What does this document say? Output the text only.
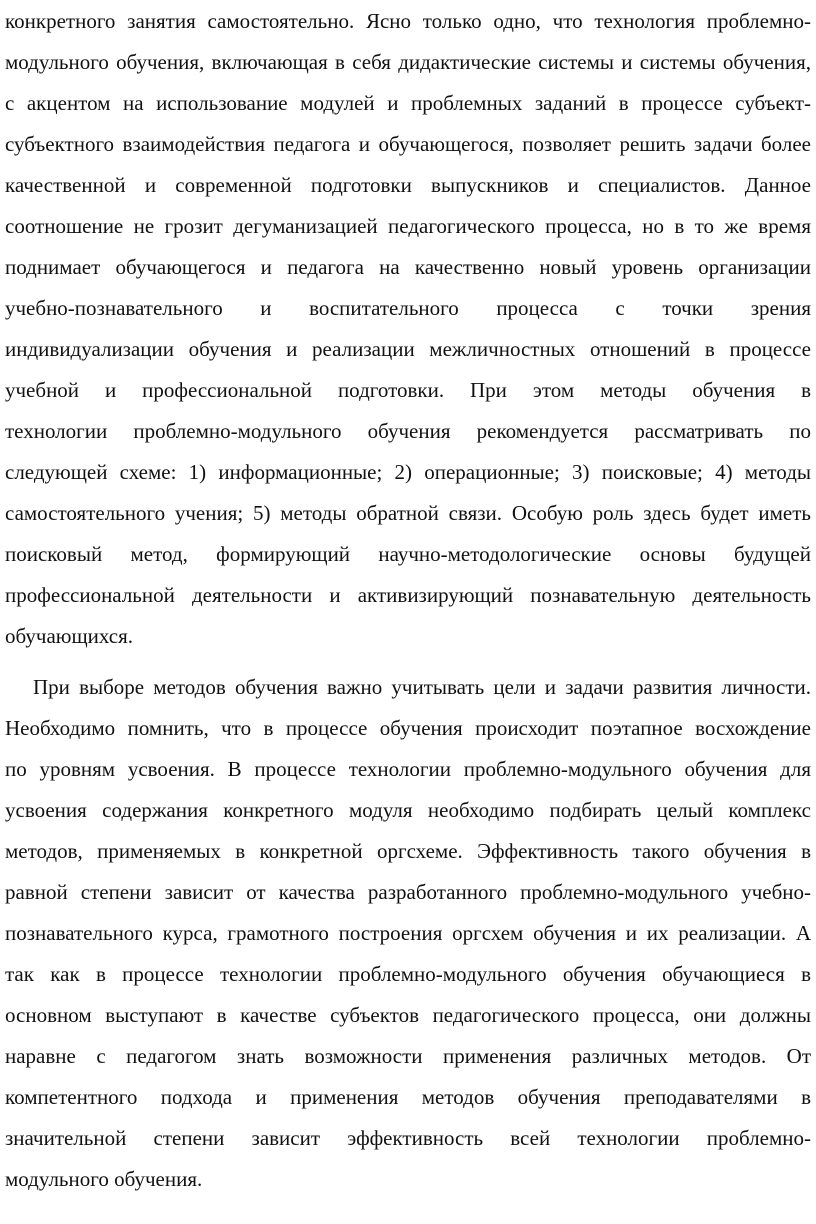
конкретного занятия самостоятельно. Ясно только одно, что технология проблемно-
модульного обучения, включающая в себя дидактические системы и системы обучения,
с акцентом на использование модулей и проблемных заданий в процессе субъект-
субъектного взаимодействия педагога и обучающегося, позволяет решить задачи более
качественной и современной подготовки выпускников и специалистов. Данное
соотношение не грозит дегуманизацией педагогического процесса, но в то же время
поднимает обучающегося и педагога на качественно новый уровень организации
учебно-познавательного и воспитательного процесса с точки зрения
индивидуализации обучения и реализации межличностных отношений в процессе
учебной и профессиональной подготовки. При этом методы обучения в
технологии проблемно-модульного обучения рекомендуется рассматривать по
следующей схеме: 1) информационные; 2) операционные; 3) поисковые; 4) методы
самостоятельного учения; 5) методы обратной связи. Особую роль здесь будет иметь
поисковый метод, формирующий научно-методологические основы будущей
профессиональной деятельности и активизирующий познавательную деятельность
обучающихся.
При выборе методов обучения важно учитывать цели и задачи развития личности.
Необходимо помнить, что в процессе обучения происходит поэтапное восхождение
по уровням усвоения. В процессе технологии проблемно-модульного обучения для
усвоения содержания конкретного модуля необходимо подбирать целый комплекс
методов, применяемых в конкретной оргсхеме. Эффективность такого обучения в
равной степени зависит от качества разработанного проблемно-модульного учебно-
познавательного курса, грамотного построения оргсхем обучения и их реализации. А
так как в процессе технологии проблемно-модульного обучения обучающиеся в
основном выступают в качестве субъектов педагогического процесса, они должны
наравне с педагогом знать возможности применения различных методов. От
компетентного подхода и применения методов обучения преподавателями в
значительной степени зависит эффективность всей технологии проблемно-
модульного обучения.
